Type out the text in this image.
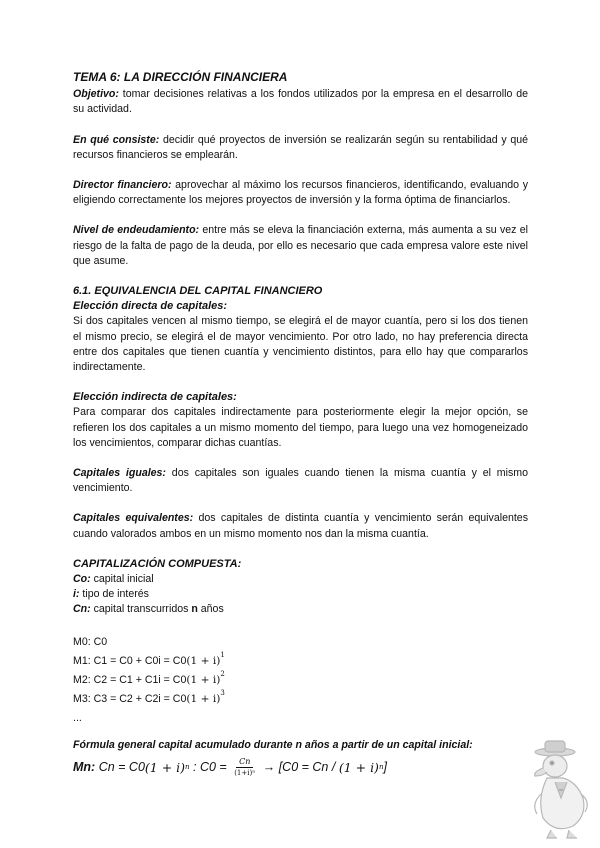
TEMA 6: LA DIRECCIÓN FINANCIERA

Objetivo: tomar decisiones relativas a los fondos utilizados por la empresa en el desarrollo de su actividad.

En qué consiste: decidir qué proyectos de inversión se realizarán según su rentabilidad y qué recursos financieros se emplearán.

Director financiero: aprovechar al máximo los recursos financieros, identificando, evaluando y eligiendo correctamente los mejores proyectos de inversión y la forma óptima de financiarlos.

Nivel de endeudamiento: entre más se eleva la financiación externa, más aumenta a su vez el riesgo de la falta de pago de la deuda, por ello es necesario que cada empresa valore este nivel que asume.

6.1. EQUIVALENCIA DEL CAPITAL FINANCIERO
Elección directa de capitales:

Si dos capitales vencen al mismo tiempo, se elegirá el de mayor cuantía, pero si los dos tienen el mismo precio, se elegirá el de mayor vencimiento. Por otro lado, no hay preferencia directa entre dos capitales que tienen cuantía y vencimiento distintos, para ello hay que compararlos indirectamente.

Elección indirecta de capitales:

Para comparar dos capitales indirectamente para posteriormente elegir la mejor opción, se refieren los dos capitales a un mismo momento del tiempo, para luego una vez homogeneizado los vencimientos, comparar dichas cuantías.

Capitales iguales: dos capitales son iguales cuando tienen la misma cuantía y el mismo vencimiento.

Capitales equivalentes: dos capitales de distinta cuantía y vencimiento serán equivalentes cuando valorados ambos en un mismo momento nos dan la misma cuantía.

CAPITALIZACIÓN COMPUESTA:
Co: capital inicial
i: tipo de interés
Cn: capital transcurridos n años
M0: C0
M1: $C1 = C0 + C0i = C0(1 + i)^1$
M2: $C2 = C1 + C1i = C0(1 + i)^2$
M3: $C3 = C2 + C2i = C0(1 + i)^3$
...
Fórmula general capital acumulado durante n años a partir de un capital inicial:
Mn: Cn = C0 (1 + i) n : $C0 = \frac{Cn}{\text{(1+i)ⁿ}} \to [C0 = Cn / (1 + i)$ n ]
